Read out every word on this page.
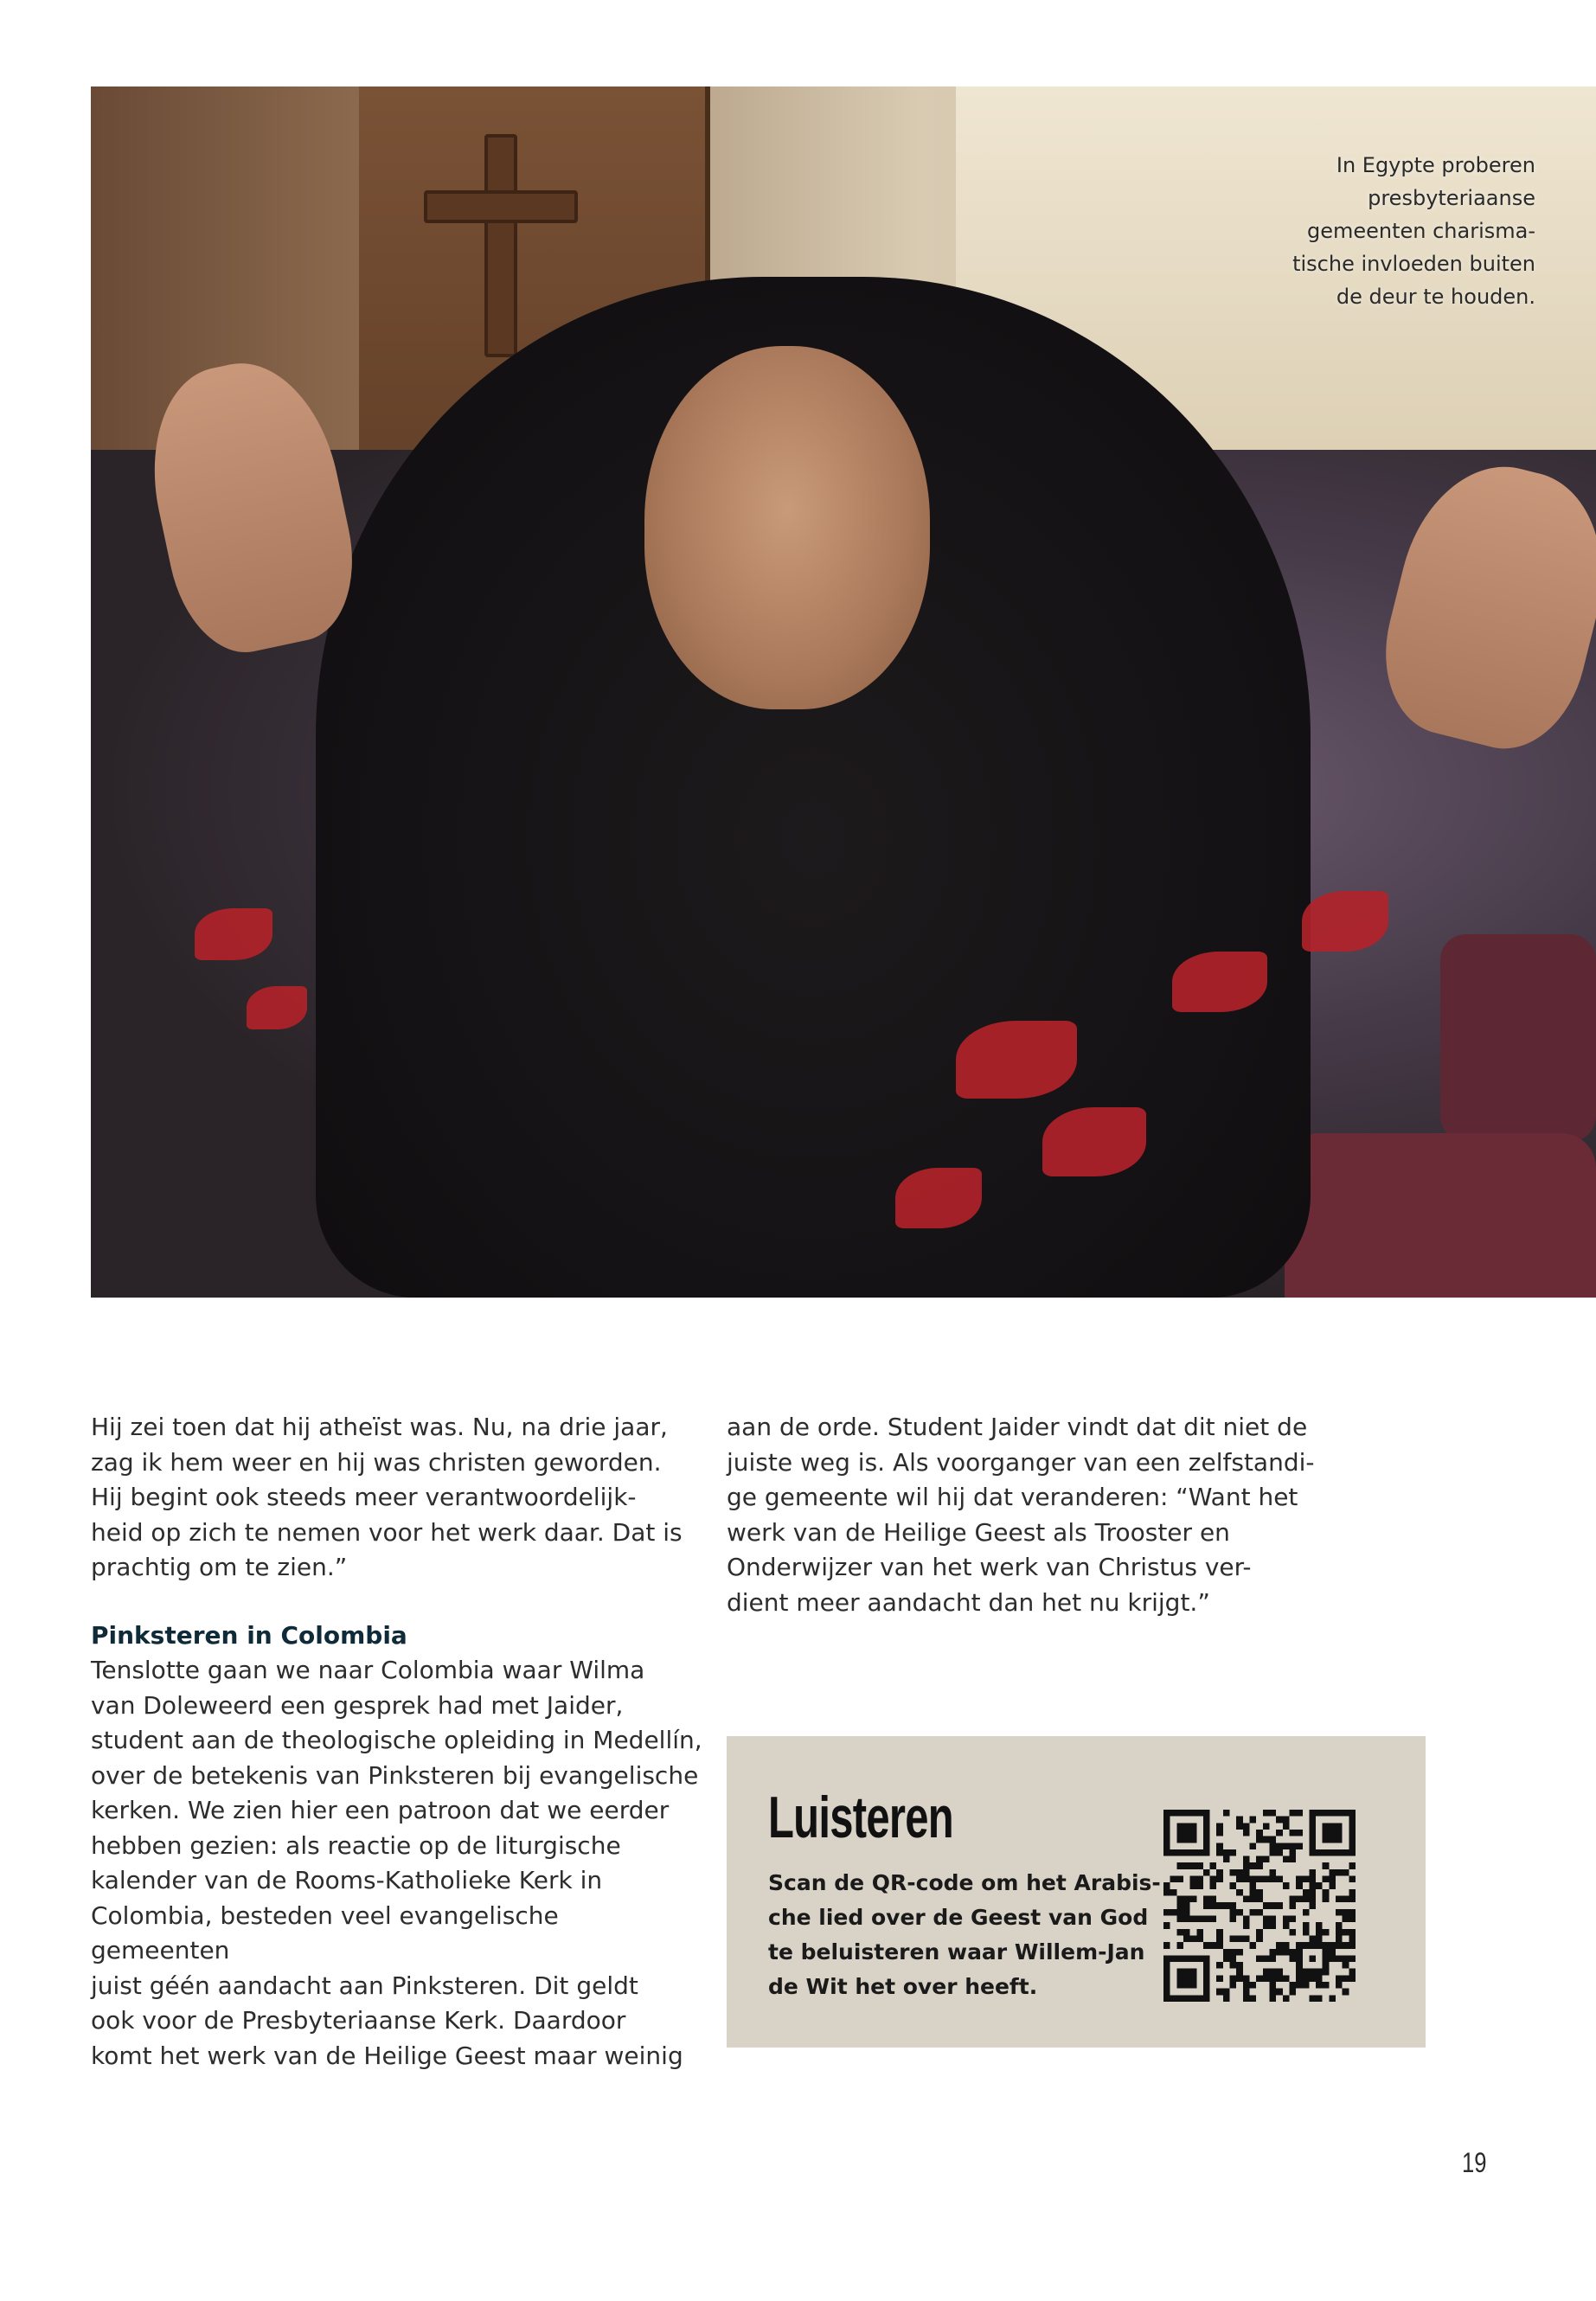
In Egypte proberen
presbyteriaanse
gemeenten charisma-
tische invloeden buiten
de deur te houden.
Hij zei toen dat hij atheïst was. Nu, na drie jaar,
zag ik hem weer en hij was christen geworden.
Hij begint ook steeds meer verantwoordelijk-
heid op zich te nemen voor het werk daar. Dat is
prachtig om te zien.”

Pinksteren in Colombia

Tenslotte gaan we naar Colombia waar Wilma
van Doleweerd een gesprek had met Jaider,
student aan de theologische opleiding in Medellín,
over de betekenis van Pinksteren bij evangelische
kerken. We zien hier een patroon dat we eerder
hebben gezien: als reactie op de liturgische
kalender van de Rooms-Katholieke Kerk in
Colombia, besteden veel evangelische gemeenten
juist géén aandacht aan Pinksteren. Dit geldt
ook voor de Presbyteriaanse Kerk. Daardoor
komt het werk van de Heilige Geest maar weinig
aan de orde. Student Jaider vindt dat dit niet de
juiste weg is. Als voorganger van een zelfstandi-
ge gemeente wil hij dat veranderen: “Want het
werk van de Heilige Geest als Trooster en
Onderwijzer van het werk van Christus ver-
dient meer aandacht dan het nu krijgt.”
Luisteren
Scan de QR-code om het Arabis-
che lied over de Geest van God
te beluisteren waar Willem-Jan
de Wit het over heeft.
19
